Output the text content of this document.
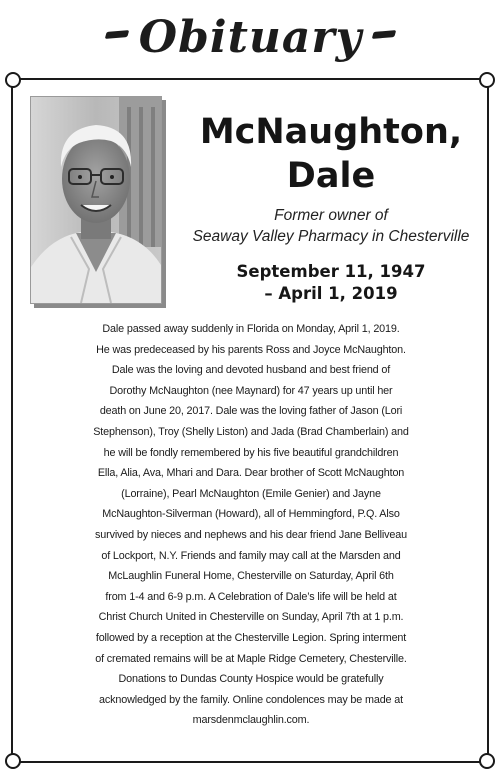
Obituary
McNaughton,
Dale
Former owner of
Seaway Valley Pharmacy in Chesterville
September 11, 1947
– April 1, 2019
Dale passed away suddenly in Florida on Monday, April 1, 2019.
He was predeceased by his parents Ross and Joyce McNaughton.
Dale was the loving and devoted husband and best friend of
Dorothy McNaughton (nee Maynard) for 47 years up until her
death on June 20, 2017. Dale was the loving father of Jason (Lori
Stephenson), Troy (Shelly Liston) and Jada (Brad Chamberlain) and
he will be fondly remembered by his five beautiful grandchildren
Ella, Alia, Ava, Mhari and Dara. Dear brother of Scott McNaughton
(Lorraine), Pearl McNaughton (Emile Genier) and Jayne
McNaughton-Silverman (Howard), all of Hemmingford, P.Q. Also
survived by nieces and nephews and his dear friend Jane Belliveau
of Lockport, N.Y. Friends and family may call at the Marsden and
McLaughlin Funeral Home, Chesterville on Saturday, April 6th
from 1-4 and 6-9 p.m. A Celebration of Dale’s life will be held at
Christ Church United in Chesterville on Sunday, April 7th at 1 p.m.
followed by a reception at the Chesterville Legion. Spring interment
of cremated remains will be at Maple Ridge Cemetery, Chesterville.
Donations to Dundas County Hospice would be gratefully
acknowledged by the family. Online condolences may be made at
marsdenmclaughlin.com.
